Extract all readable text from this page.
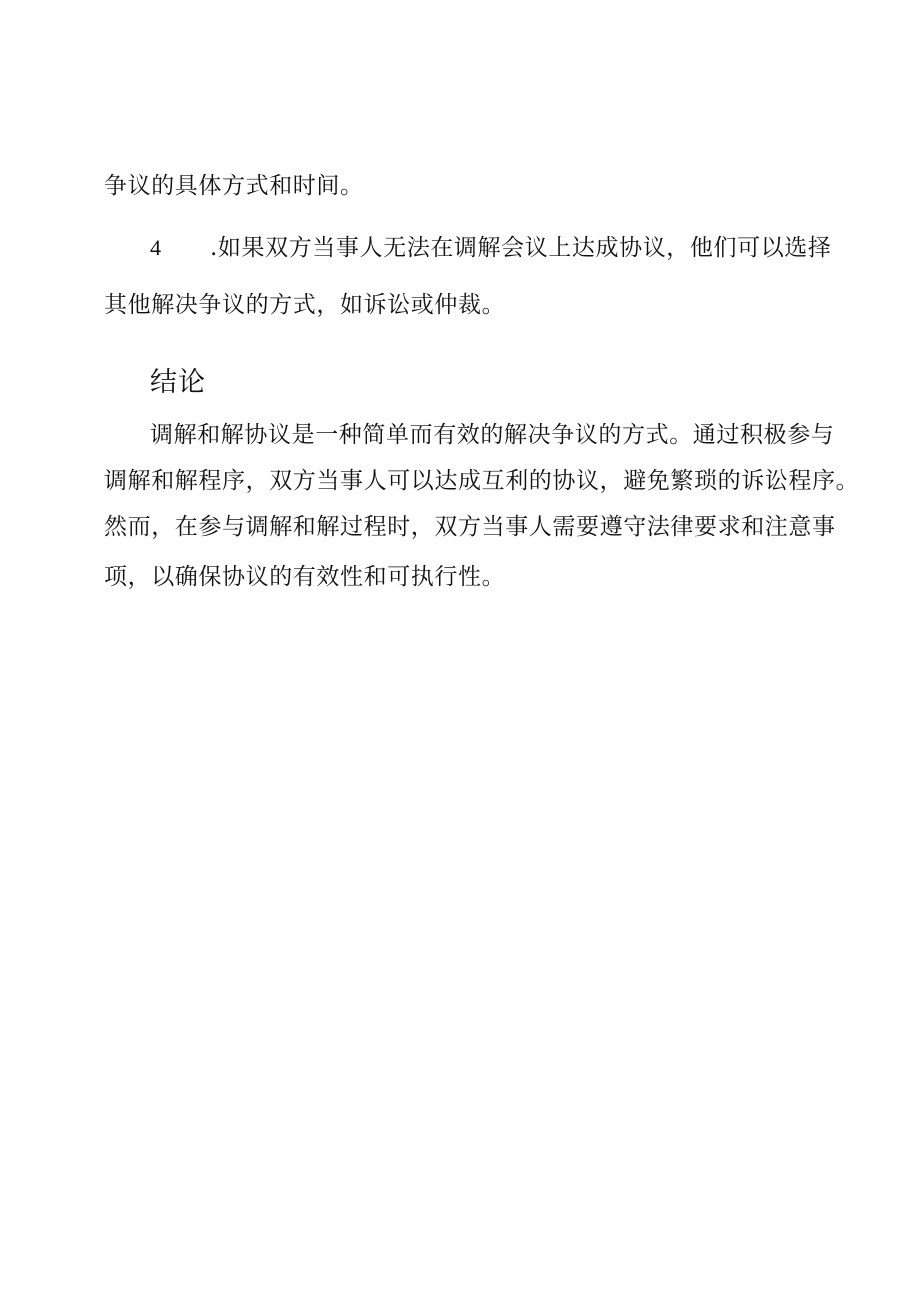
争议的具体方式和时间。
4 .如果双方当事人无法在调解会议上达成协议，他们可以选择
其他解决争议的方式，如诉讼或仲裁。
结论
调解和解协议是一种简单而有效的解决争议的方式。通过积极参与
调解和解程序，双方当事人可以达成互利的协议，避免繁琐的诉讼程序。
然而，在参与调解和解过程时，双方当事人需要遵守法律要求和注意事
项，以确保协议的有效性和可执行性。
